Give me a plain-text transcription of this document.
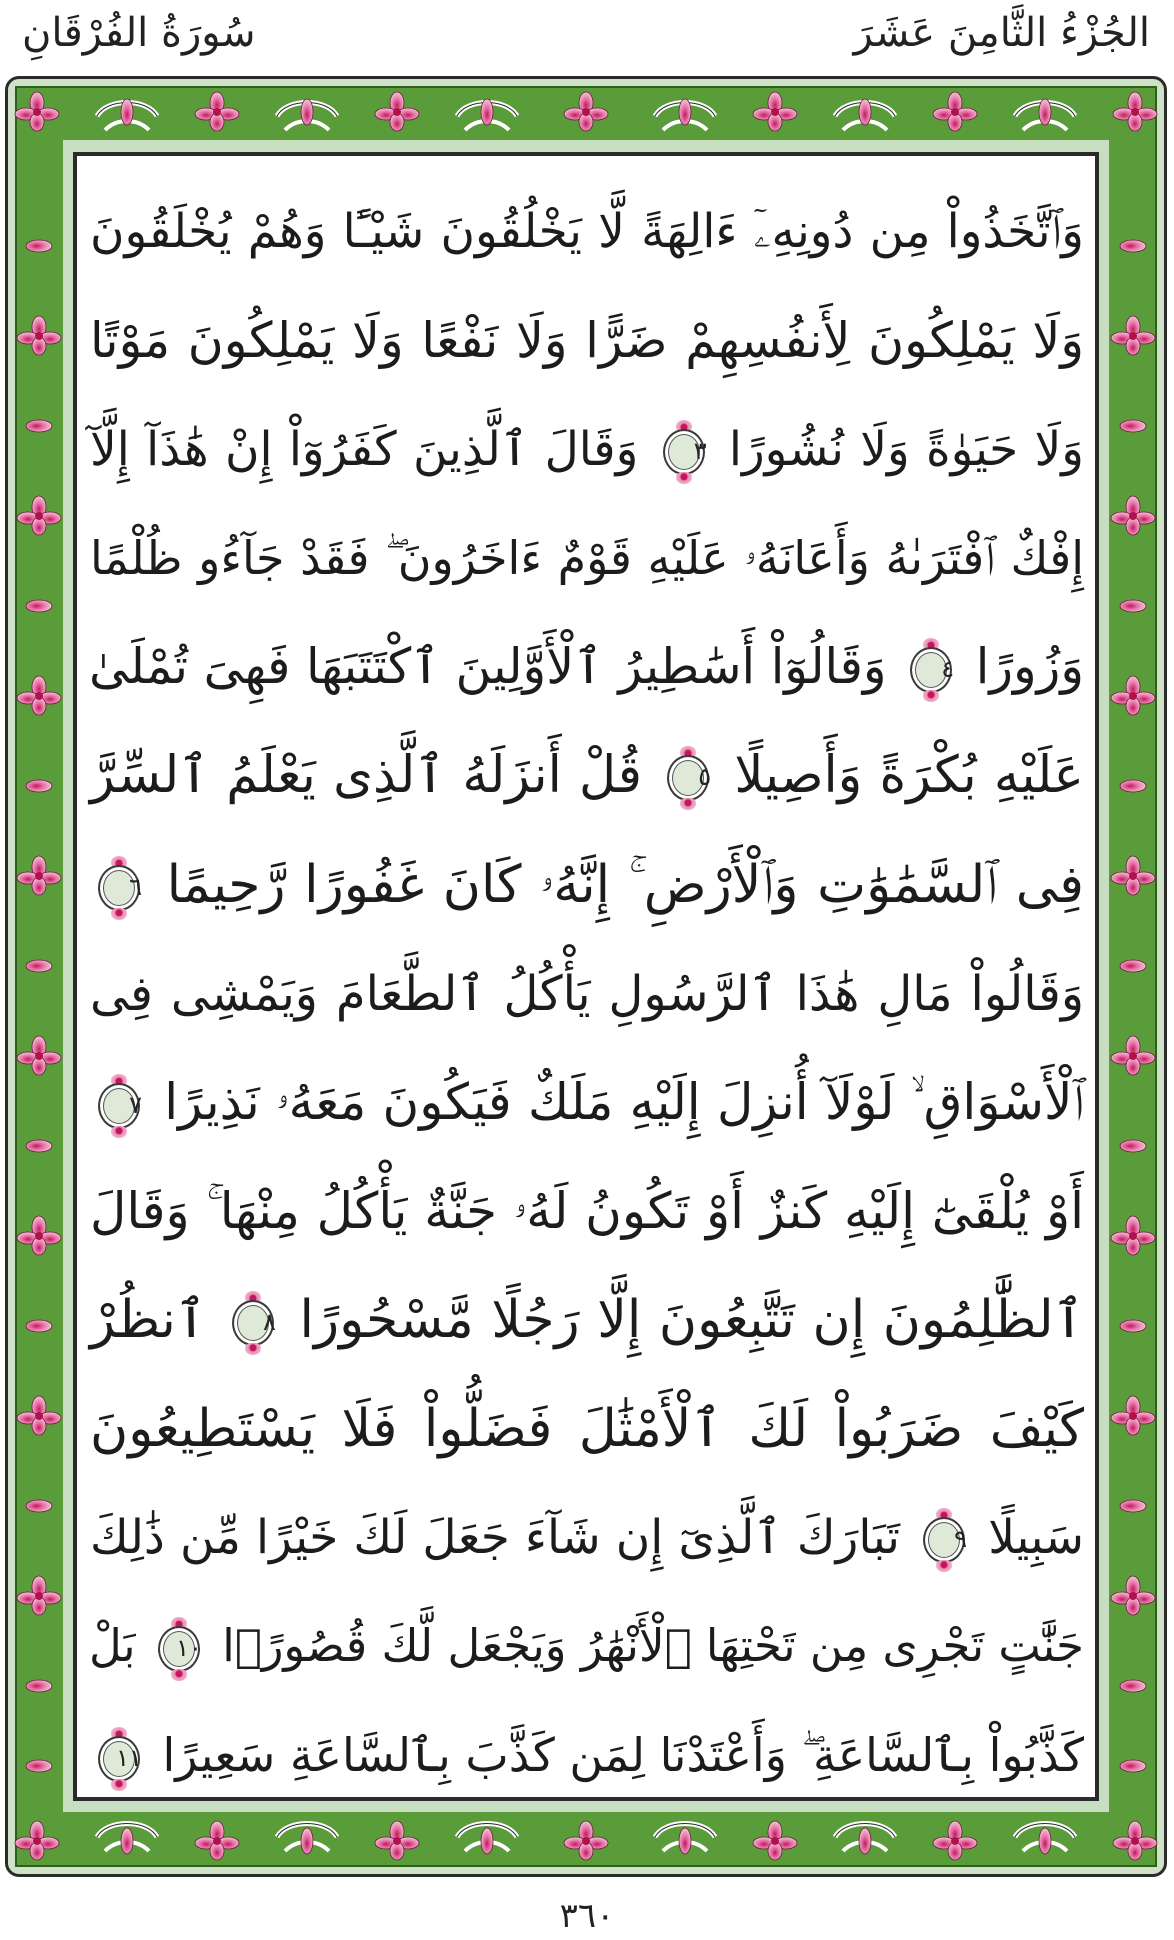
الجُزْءُ الثَّامِنَ عَشَرَ
سُورَةُ الفُرْقَانِ
وَٱتَّخَذُواْ مِن دُونِهِۦٓ ءَالِهَةً لَّا يَخْلُقُونَ شَيْـًٔا وَهُمْ يُخْلَقُونَ
وَلَا يَمْلِكُونَ لِأَنفُسِهِمْ ضَرًّا وَلَا نَفْعًا وَلَا يَمْلِكُونَ مَوْتًا
وَلَا حَيَوٰةً وَلَا نُشُورًا
٣
وَقَالَ ٱلَّذِينَ كَفَرُوٓاْ إِنْ هَٰذَآ إِلَّآ
إِفْكٌ ٱفْتَرَىٰهُ وَأَعَانَهُۥ عَلَيْهِ قَوْمٌ ءَاخَرُونَ ۖ فَقَدْ جَآءُو ظُلْمًا
وَزُورًا
٤
وَقَالُوٓاْ أَسَٰطِيرُ ٱلْأَوَّلِينَ ٱكْتَتَبَهَا فَهِىَ تُمْلَىٰ
عَلَيْهِ بُكْرَةً وَأَصِيلًا
٥
قُلْ أَنزَلَهُ ٱلَّذِى يَعْلَمُ ٱلسِّرَّ
فِى ٱلسَّمَٰوَٰتِ وَٱلْأَرْضِ ۚ إِنَّهُۥ كَانَ غَفُورًا رَّحِيمًا
٦
وَقَالُواْ مَالِ هَٰذَا ٱلرَّسُولِ يَأْكُلُ ٱلطَّعَامَ وَيَمْشِى فِى
ٱلْأَسْوَاقِ ۙ لَوْلَآ أُنزِلَ إِلَيْهِ مَلَكٌ فَيَكُونَ مَعَهُۥ نَذِيرًا
٧
أَوْ يُلْقَىٰٓ إِلَيْهِ كَنزٌ أَوْ تَكُونُ لَهُۥ جَنَّةٌ يَأْكُلُ مِنْهَا ۚ وَقَالَ
ٱلظَّٰلِمُونَ إِن تَتَّبِعُونَ إِلَّا رَجُلًا مَّسْحُورًا
٨
ٱنظُرْ
كَيْفَ ضَرَبُواْ لَكَ ٱلْأَمْثَٰلَ فَضَلُّواْ فَلَا يَسْتَطِيعُونَ
سَبِيلًا
٩
تَبَارَكَ ٱلَّذِىٓ إِن شَآءَ جَعَلَ لَكَ خَيْرًا مِّن ذَٰلِكَ
جَنَّٰتٍ تَجْرِى مِن تَحْتِهَا ٱلْأَنْهَٰرُ وَيَجْعَل لَّكَ قُصُورًۢا
١٠
بَلْ
كَذَّبُواْ بِٱلسَّاعَةِ ۖ وَأَعْتَدْنَا لِمَن كَذَّبَ بِٱلسَّاعَةِ سَعِيرًا
١١
٣٦٠
